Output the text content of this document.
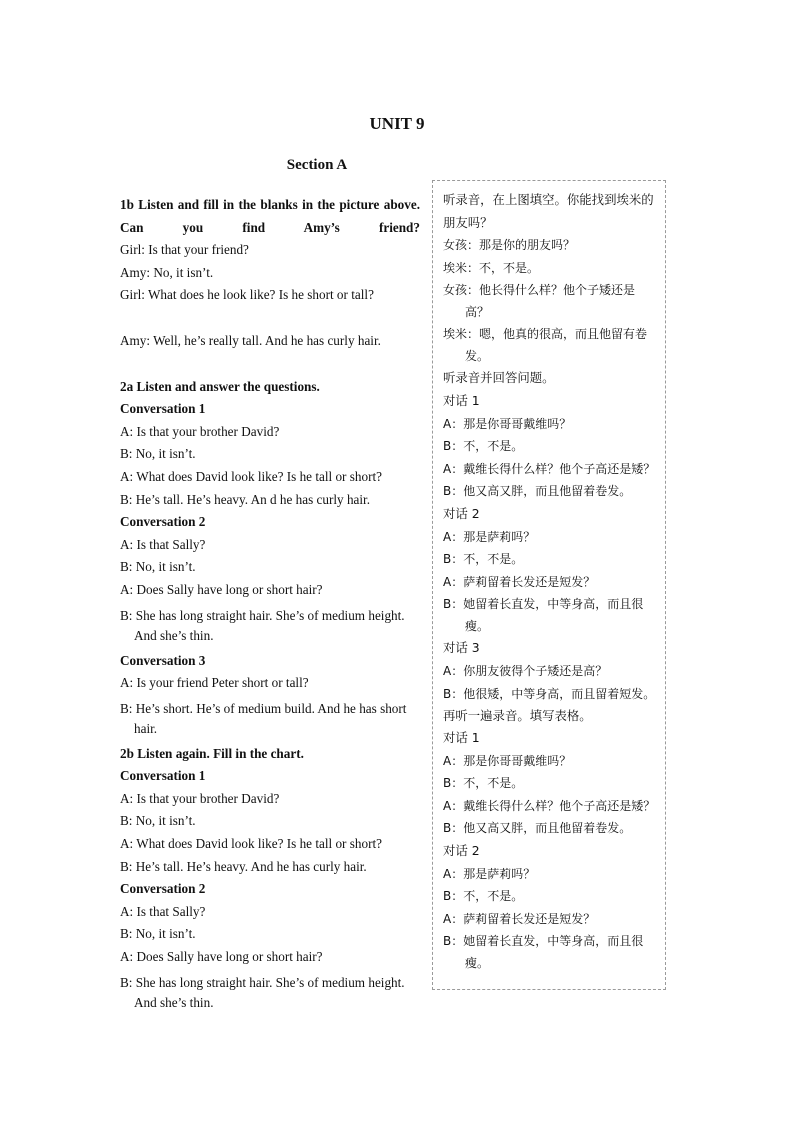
UNIT 9
Section A
1b Listen and fill in the blanks in the picture above. Can you find Amy’s friend?
Girl: Is that your friend?
Amy: No, it isn’t.
Girl: What does he look like? Is he short or tall?
Amy: Well, he’s really tall. And he has curly hair.
2a Listen and answer the questions.
Conversation 1
A: Is that your brother David?
B: No, it isn’t.
A: What does David look like? Is he tall or short?
B: He’s tall. He’s heavy. An d he has curly hair.
Conversation 2
A: Is that Sally?
B: No, it isn’t.
A: Does Sally have long or short hair?
B: She has long straight hair. She’s of medium height. And she’s thin.
Conversation 3
A: Is your friend Peter short or tall?
B: He’s short. He’s of medium build. And he has short hair.
2b Listen again. Fill in the chart.
Conversation 1
A: Is that your brother David?
B: No, it isn’t.
A: What does David look like? Is he tall or short?
B: He’s tall. He’s heavy. And he has curly hair.
Conversation 2
A: Is that Sally?
B: No, it isn’t.
A: Does Sally have long or short hair?
B: She has long straight hair. She’s of medium height. And she’s thin.
听录音，在上图填空。你能找到埃米的朋友吗？
女孩：那是你的朋友吗？
埃米：不，不是。
女孩：他长得什么样？他个子矮还是高？
埃米：嗯，他真的很高，而且他留有卷发。
听录音并回答问题。
对话 1
A：那是你哥哥戴维吗？
B：不，不是。
A：戴维长得什么样？他个子高还是矮？
B：他又高又胖，而且他留着卷发。
对话 2
A：那是萨莉吗？
B：不，不是。
A：萨莉留着长发还是短发？
B：她留着长直发，中等身高，而且很瘦。
对话 3
A：你朋友彼得个子矮还是高？
B：他很矮，中等身高，而且留着短发。
再听一遍录音。填写表格。
对话 1
A：那是你哥哥戴维吗？
B：不，不是。
A：戴维长得什么样？他个子高还是矮？
B：他又高又胖，而且他留着卷发。
对话 2
A：那是萨莉吗？
B：不，不是。
A：萨莉留着长发还是短发？
B：她留着长直发，中等身高，而且很瘦。
